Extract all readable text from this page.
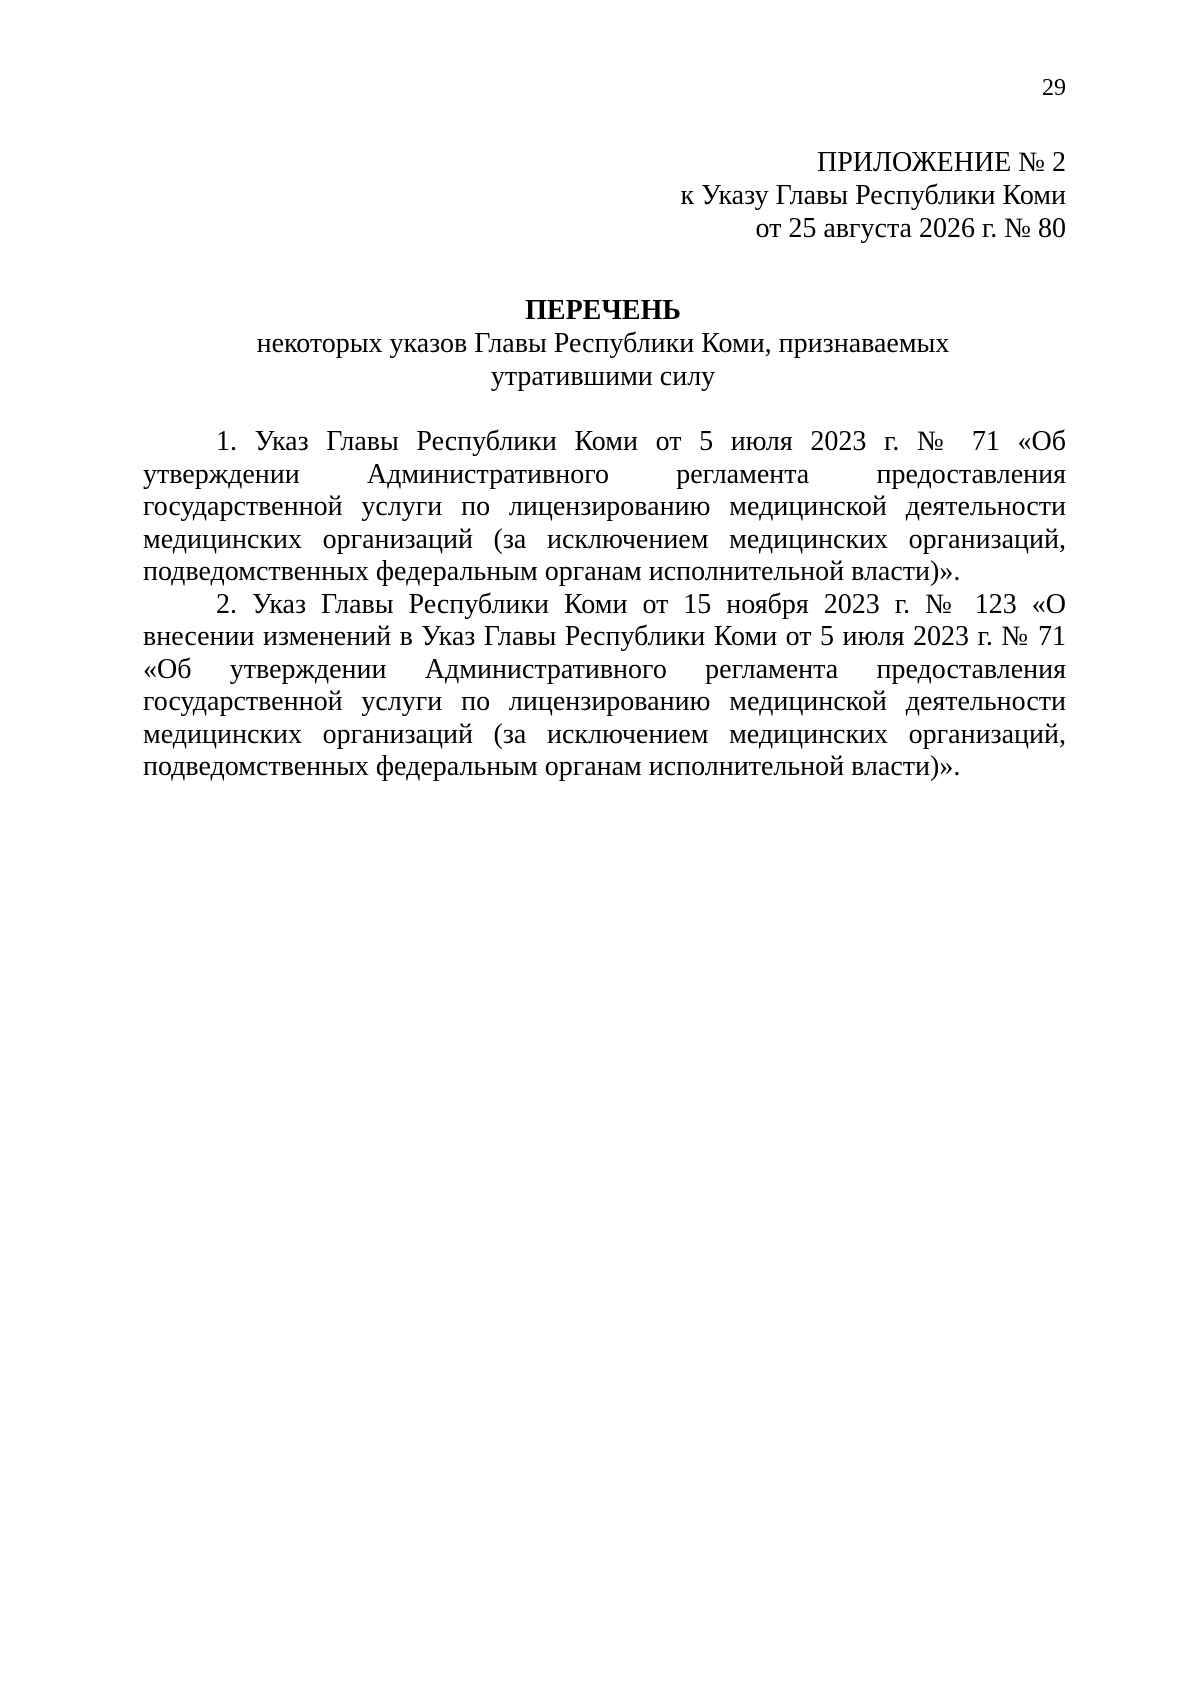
29
ПРИЛОЖЕНИЕ № 2
к Указу Главы Республики Коми
от 25 августа 2026 г. № 80
ПЕРЕЧЕНЬ
некоторых указов Главы Республики Коми, признаваемых
утратившими силу

1. Указ Главы Республики Коми от 5 июля 2023 г. № 71 «Об утверждении Административного регламента предоставления государственной услуги по лицензированию медицинской деятельности медицинских организаций (за исключением медицинских организаций, подведомственных федеральным органам исполнительной власти)».

2. Указ Главы Республики Коми от 15 ноября 2023 г. № 123 «О внесении изменений в Указ Главы Республики Коми от 5 июля 2023 г. № 71 «Об утверждении Административного регламента предоставления государственной услуги по лицензированию медицинской деятельности медицинских организаций (за исключением медицинских организаций, подведомственных федеральным органам исполнительной власти)».
